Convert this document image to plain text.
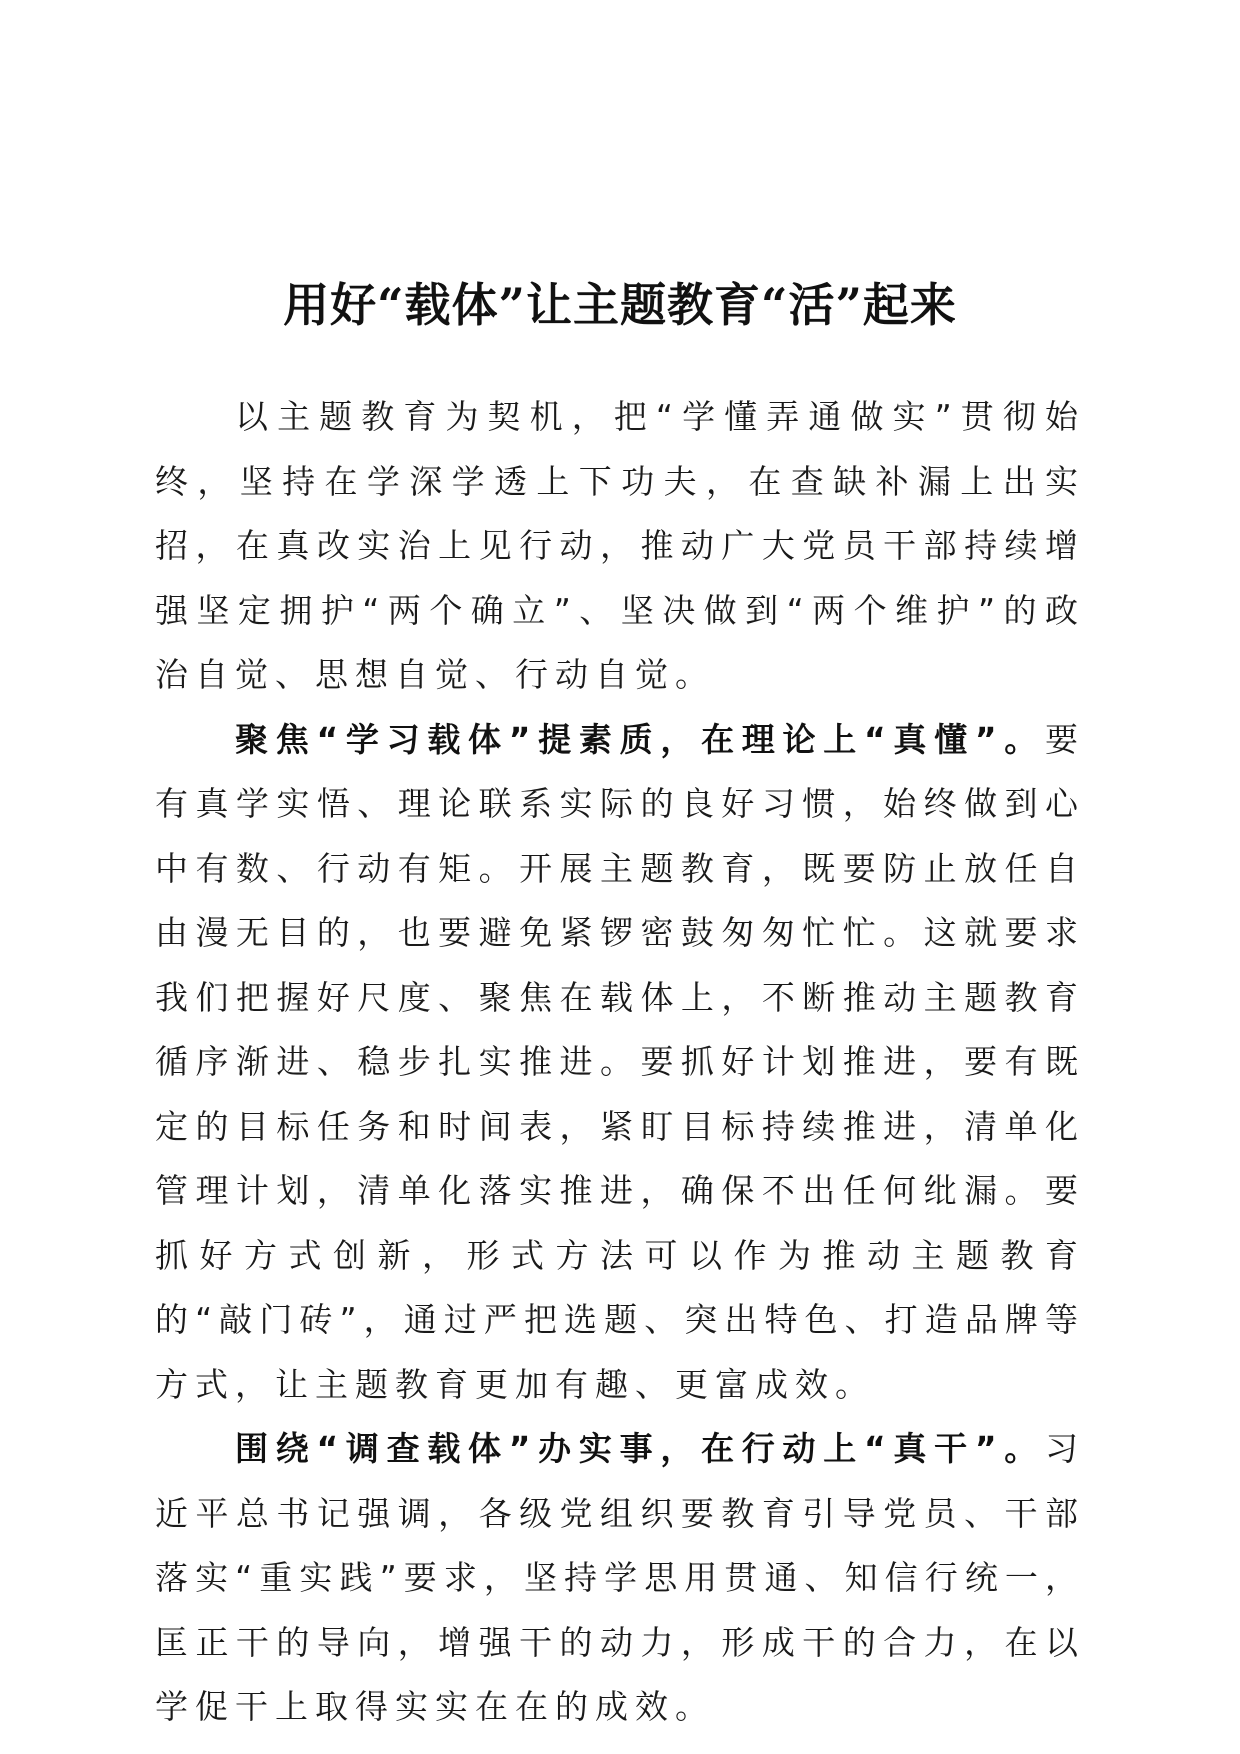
用好“载体”让主题教育“活”起来

以主题教育为契机，把“学懂弄通做实”贯彻始终，坚持在学深学透上下功夫，在查缺补漏上出实招，在真改实治上见行动，推动广大党员干部持续增强坚定拥护“两个确立”、坚决做到“两个维护”的政治自觉、思想自觉、行动自觉。

聚焦“学习载体”提素质，在理论上“真懂”。要有真学实悟、理论联系实际的良好习惯，始终做到心中有数、行动有矩。开展主题教育，既要防止放任自由漫无目的，也要避免紧锣密鼓匆匆忙忙。这就要求我们把握好尺度、聚焦在载体上，不断推动主题教育循序渐进、稳步扎实推进。要抓好计划推进，要有既定的目标任务和时间表，紧盯目标持续推进，清单化管理计划，清单化落实推进，确保不出任何纰漏。要抓好方式创新，形式方法可以作为推动主题教育的“敲门砖”，通过严把选题、突出特色、打造品牌等方式，让主题教育更加有趣、更富成效。

围绕“调查载体”办实事，在行动上“真干”。习近平总书记强调，各级党组织要教育引导党员、干部落实“重实践”要求，坚持学思用贯通、知信行统一，匡正干的导向，增强干的动力，形成干的合力，在以学促干上取得实实在在的成效。
